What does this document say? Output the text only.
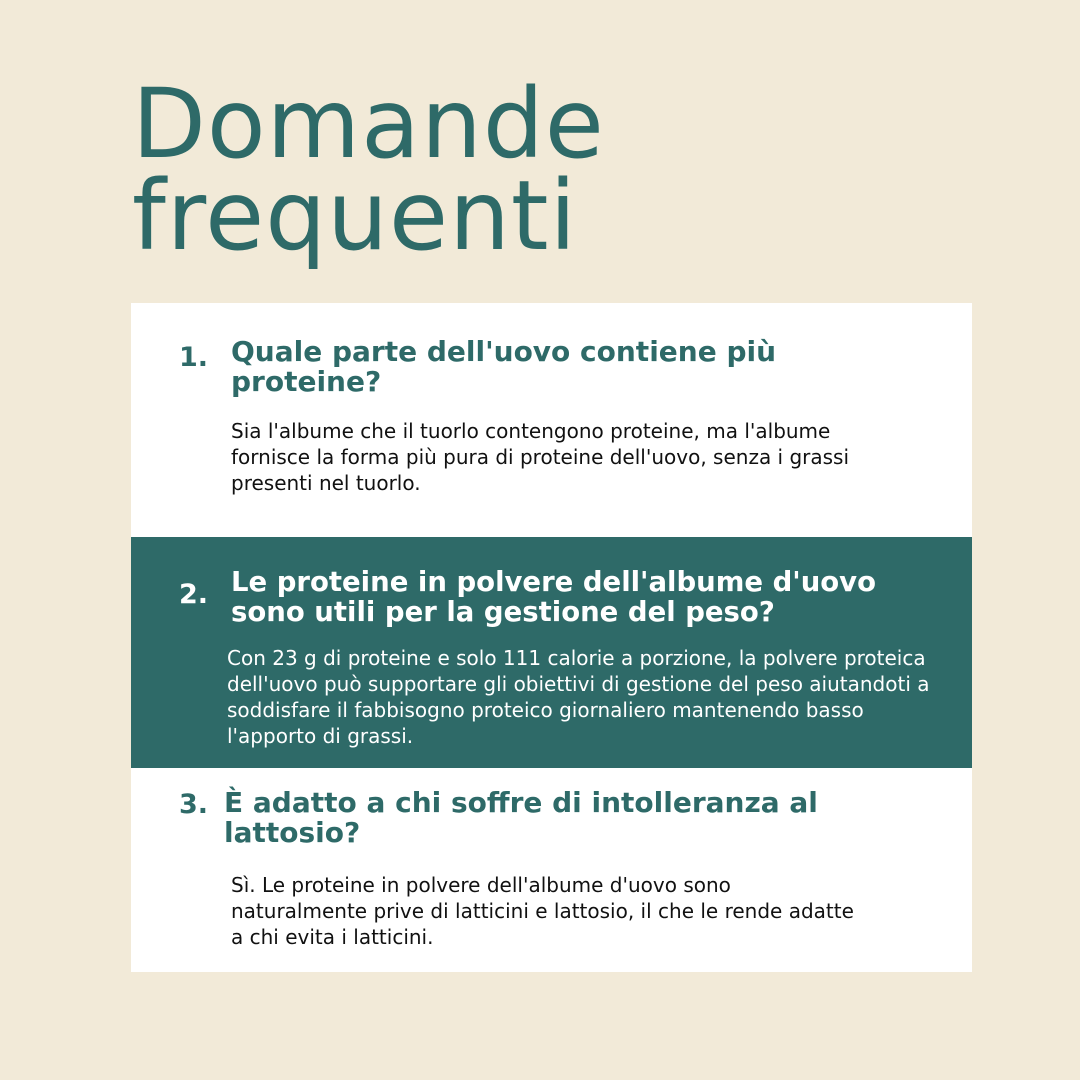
Domande
frequenti
1. Quale parte dell'uovo contiene più proteine?

Sia l'albume che il tuorlo contengono proteine, ma l'albume fornisce la forma più pura di proteine dell'uovo, senza i grassi presenti nel tuorlo.

2. Le proteine in polvere dell'albume d'uovo sono utili per la gestione del peso?

Con 23 g di proteine e solo 111 calorie a porzione, la polvere proteica dell'uovo può supportare gli obiettivi di gestione del peso aiutandoti a soddisfare il fabbisogno proteico giornaliero mantenendo basso l'apporto di grassi.

3. È adatto a chi soffre di intolleranza al lattosio?

Sì. Le proteine in polvere dell'albume d'uovo sono naturalmente prive di latticini e lattosio, il che le rende adatte a chi evita i latticini.
